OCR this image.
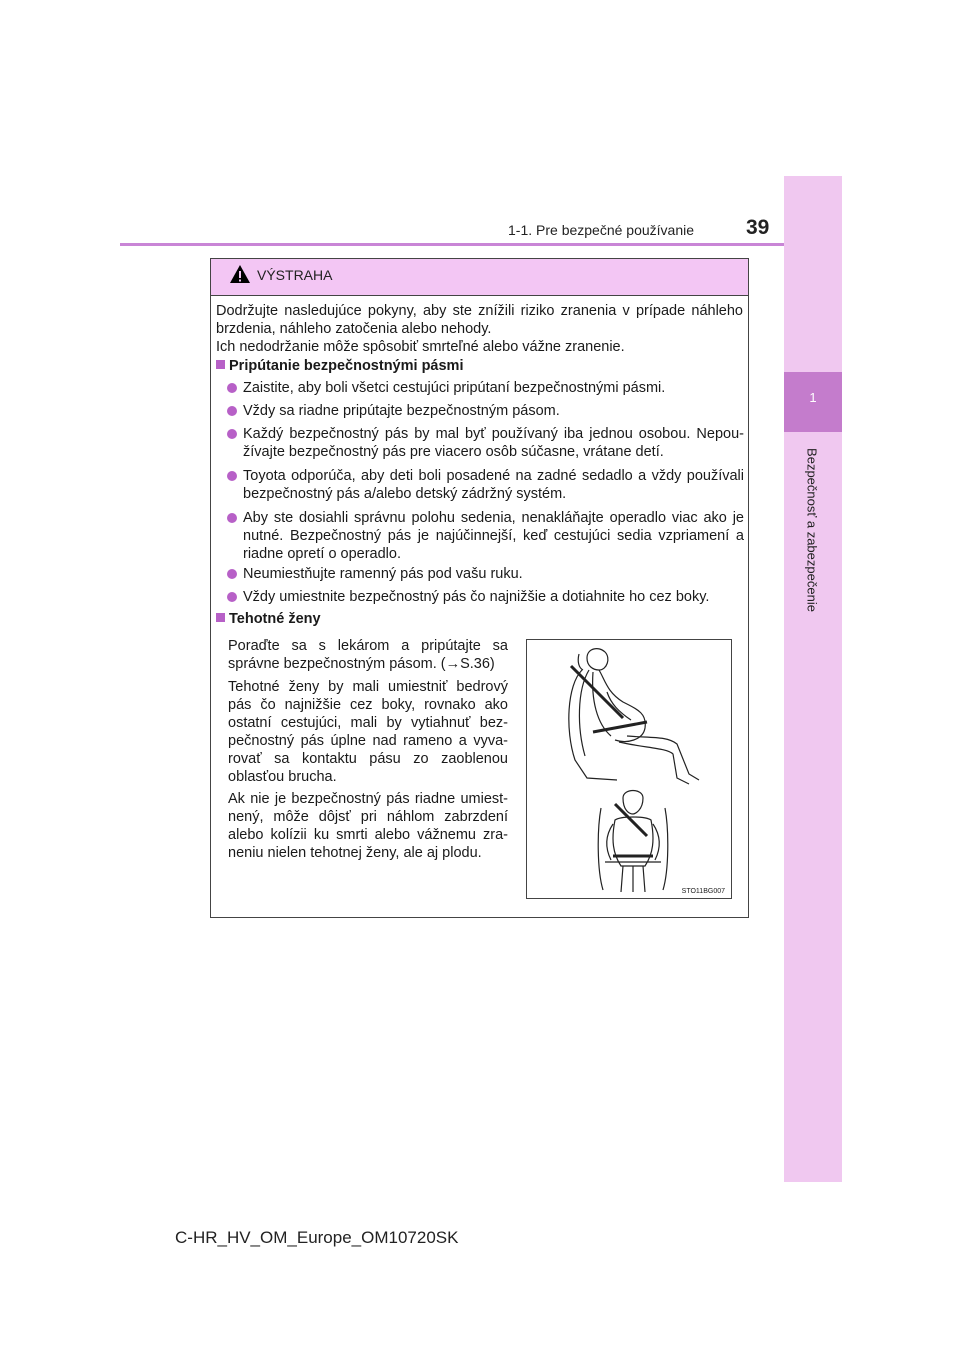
1-1. Pre bezpečné používanie 39
1
Bezpečnosť a zabezpečenie
VÝSTRAHA
Dodržujte nasledujúce pokyny, aby ste znížili riziko zranenia v prípade náhleho brzdenia, náhleho zatočenia alebo nehody.
Ich nedodržanie môže spôsobiť smrteľné alebo vážne zranenie.
Pripútanie bezpečnostnými pásmi
Zaistite, aby boli všetci cestujúci pripútaní bezpečnostnými pásmi.
Vždy sa riadne pripútajte bezpečnostným pásom.
Každý bezpečnostný pás by mal byť používaný iba jednou osobou. Nepou-žívajte bezpečnostný pás pre viacero osôb súčasne, vrátane detí.
Toyota odporúča, aby deti boli posadené na zadné sedadlo a vždy používali bezpečnostný pás a/alebo detský zádržný systém.
Aby ste dosiahli správnu polohu sedenia, nenakláňajte operadlo viac ako je nutné. Bezpečnostný pás je najúčinnejší, keď cestujúci sedia vzpriamení a riadne opretí o operadlo.
Neumiestňujte ramenný pás pod vašu ruku.
Vždy umiestnite bezpečnostný pás čo najnižšie a dotiahnite ho cez boky.
Tehotné ženy
Poraďte sa s lekárom a pripútajte sa správne bezpečnostným pásom. (→S.36)
Tehotné ženy by mali umiestniť bedrový pás čo najnižšie cez boky, rovnako ako ostatní cestujúci, mali by vytiahnuť bez-pečnostný pás úplne nad rameno a vyva-rovať sa kontaktu pásu zo zaoblenou oblasťou brucha.
Ak nie je bezpečnostný pás riadne umiest-nený, môže dôjsť pri náhlom zabrzdení alebo kolízii ku smrti alebo vážnemu zra-neniu nielen tehotnej ženy, ale aj plodu.
STO11BG007
C-HR_HV_OM_Europe_OM10720SK
